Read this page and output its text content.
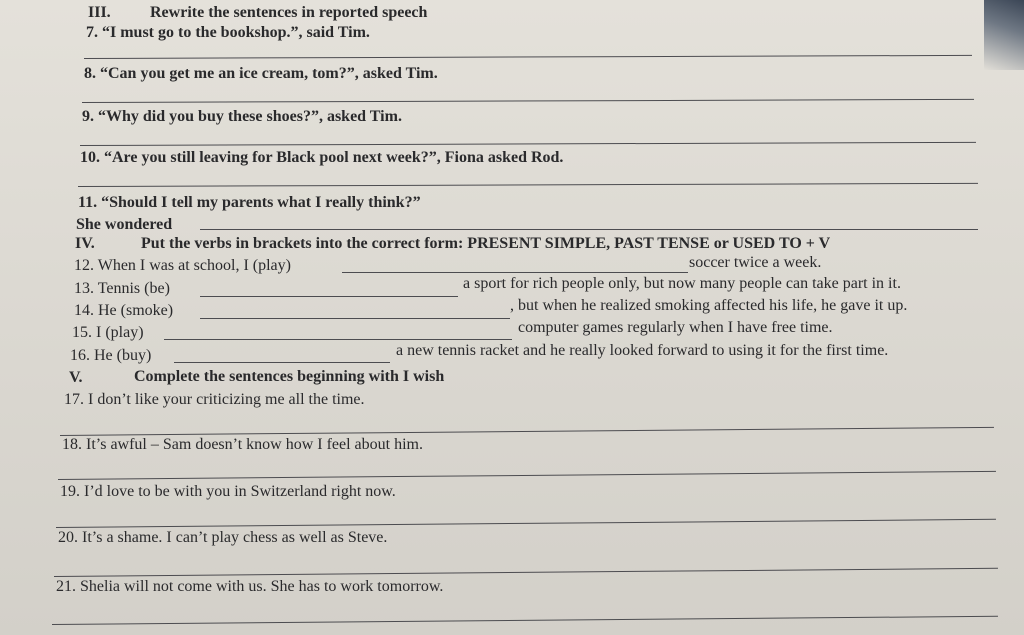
III. Rewrite the sentences in reported speech
7. “I must go to the bookshop.”, said Tim.
8. “Can you get me an ice cream, tom?”, asked Tim.
9. “Why did you buy these shoes?”, asked Tim.
10. “Are you still leaving for Black pool next week?”, Fiona asked Rod.
11. “Should I tell my parents what I really think?”
She wondered
IV.	Put the verbs in brackets into the correct form: PRESENT SIMPLE, PAST TENSE or USED TO + V
12. When I was at school, I (play)	soccer twice a week.
13. Tennis (be)	a sport for rich people only, but now many people can take part in it.
14. He (smoke)	, but when he realized smoking affected his life, he gave it up.
15. I (play)	computer games regularly when I have free time.
16. He (buy)	a new tennis racket and he really looked forward to using it for the first time.
V.	Complete the sentences beginning with I wish
17. I don’t like your criticizing me all the time.
18. It’s awful – Sam doesn’t know how I feel about him.
19. I’d love to be with you in Switzerland right now.
20. It’s a shame. I can’t play chess as well as Steve.
21. Shelia will not come with us. She has to work tomorrow.
